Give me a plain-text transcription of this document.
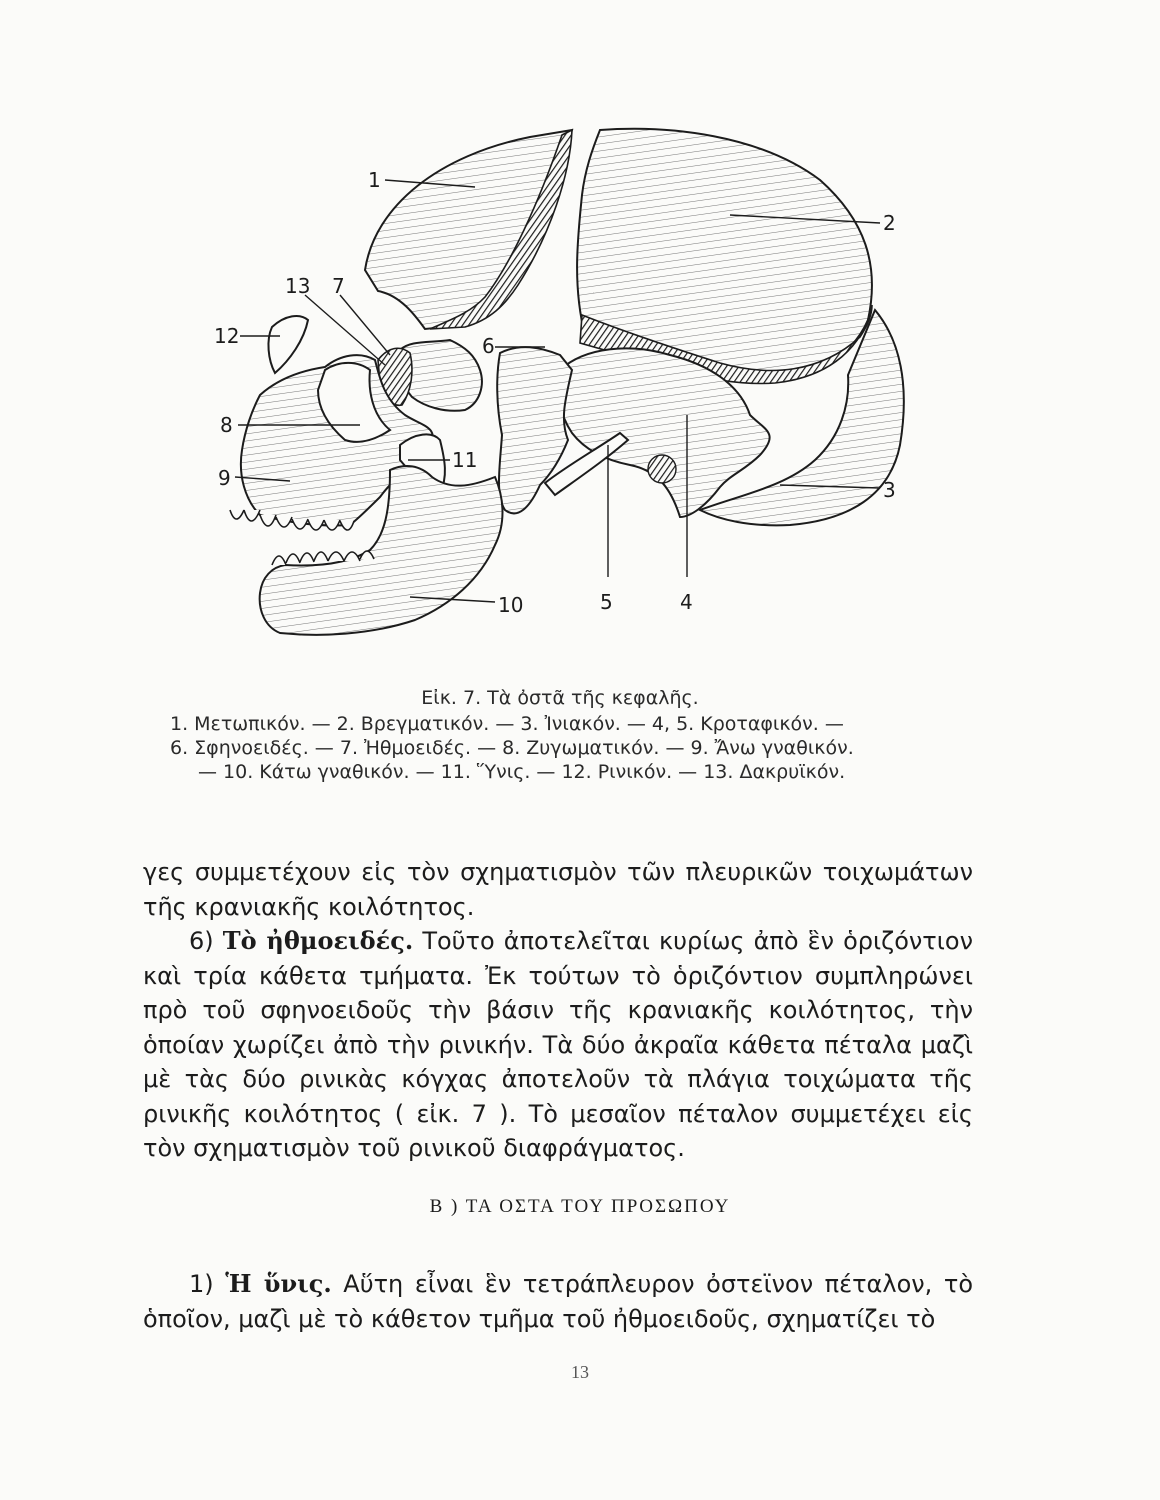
1
2
3
4
5
6
7
8
9
10
11
12
13
Εἰκ. 7. Τὰ ὀστᾶ τῆς κεφαλῆς.
1. Μετωπικόν. — 2. Βρεγματικόν. — 3. Ἰνιακόν. — 4, 5. Κροταφικόν. —
6. Σφηνοειδές. — 7. Ἠθμοειδές. — 8. Ζυγωματικόν. — 9. Ἄνω γναθικόν.
— 10. Κάτω γναθικόν. — 11. Ὕνις. — 12. Ρινικόν. — 13. Δακρυϊκόν.

γες συμμετέχουν εἰς τὸν σχηματισμὸν τῶν πλευρικῶν τοιχωμάτων τῆς κρανιακῆς κοιλότητος.

6) Τὸ ἠθμοειδές. Τοῦτο ἀποτελεῖται κυρίως ἀπὸ ἓν ὁριζόντιον καὶ τρία κάθετα τμήματα. Ἐκ τούτων τὸ ὁριζόντιον συμπληρώνει πρὸ τοῦ σφηνοειδοῦς τὴν βάσιν τῆς κρανιακῆς κοιλότητος, τὴν ὁποίαν χωρίζει ἀπὸ τὴν ρινικήν. Τὰ δύο ἀκραῖα κάθετα πέταλα μαζὶ μὲ τὰς δύο ρινικὰς κόγχας ἀποτελοῦν τὰ πλάγια τοιχώματα τῆς ρινικῆς κοιλότητος ( εἰκ. 7 ). Τὸ μεσαῖον πέταλον συμμετέχει εἰς τὸν σχηματισμὸν τοῦ ρινικοῦ διαφράγματος.

Β ) ΤΑ ΟΣΤΑ ΤΟΥ ΠΡΟΣΩΠΟΥ

1) Ἡ ὕνις. Αὕτη εἶναι ἓν τετράπλευρον ὀστεϊνον πέταλον, τὸ ὁποῖον, μαζὶ μὲ τὸ κάθετον τμῆμα τοῦ ἠθμοειδοῦς, σχηματίζει τὸ

13
